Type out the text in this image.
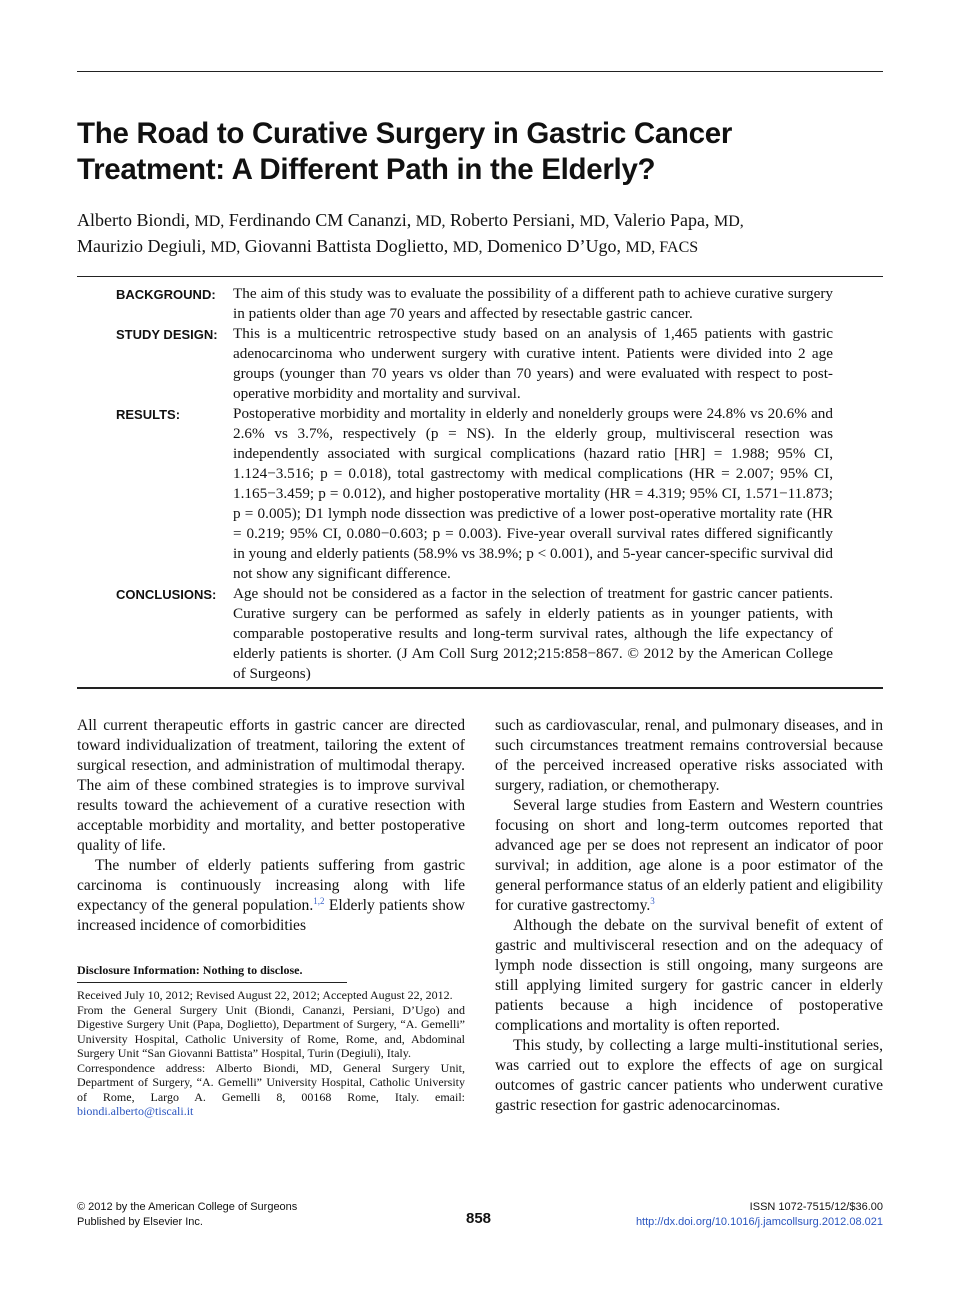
The Road to Curative Surgery in Gastric Cancer
Treatment: A Different Path in the Elderly?
Alberto Biondi, MD, Ferdinando CM Cananzi, MD, Roberto Persiani, MD, Valerio Papa, MD,
Maurizio Degiuli, MD, Giovanni Battista Doglietto, MD, Domenico D’Ugo, MD, FACS
BACKGROUND:	The aim of this study was to evaluate the possibility of a different path to achieve curative surgery in patients older than age 70 years and affected by resectable gastric cancer.
STUDY DESIGN:	This is a multicentric retrospective study based on an analysis of 1,465 patients with gastric adenocarcinoma who underwent surgery with curative intent. Patients were divided into 2 age groups (younger than 70 years vs older than 70 years) and were evaluated with respect to post-operative morbidity and mortality and survival.
RESULTS:	Postoperative morbidity and mortality in elderly and nonelderly groups were 24.8% vs 20.6% and 2.6% vs 3.7%, respectively (p = NS). In the elderly group, multivisceral resection was independently associated with surgical complications (hazard ratio [HR] = 1.988; 95% CI, 1.124−3.516; p = 0.018), total gastrectomy with medical complications (HR = 2.007; 95% CI, 1.165−3.459; p = 0.012), and higher postoperative mortality (HR = 4.319; 95% CI, 1.571−11.873; p = 0.005); D1 lymph node dissection was predictive of a lower post-operative mortality rate (HR = 0.219; 95% CI, 0.080−0.603; p = 0.003). Five-year overall survival rates differed significantly in young and elderly patients (58.9% vs 38.9%; p < 0.001), and 5-year cancer-specific survival did not show any significant difference.
CONCLUSIONS:	Age should not be considered as a factor in the selection of treatment for gastric cancer patients. Curative surgery can be performed as safely in elderly patients as in younger patients, with comparable postoperative results and long-term survival rates, although the life expectancy of elderly patients is shorter. (J Am Coll Surg 2012;215:858−867. © 2012 by the American College of Surgeons)

All current therapeutic efforts in gastric cancer are directed toward individualization of treatment, tailoring the extent of surgical resection, and administration of multimodal therapy. The aim of these combined strategies is to improve survival results toward the achievement of a curative resection with acceptable morbidity and mortality, and better postoperative quality of life.

The number of elderly patients suffering from gastric carcinoma is continuously increasing along with life expectancy of the general population.$^{1,2}$ Elderly patients show increased incidence of comorbidities

Disclosure Information: Nothing to disclose.

Received July 10, 2012; Revised August 22, 2012; Accepted August 22, 2012.

From the General Surgery Unit (Biondi, Cananzi, Persiani, D’Ugo) and Digestive Surgery Unit (Papa, Doglietto), Department of Surgery, “A. Gemelli” University Hospital, Catholic University of Rome, Rome, and, Abdominal Surgery Unit “San Giovanni Battista” Hospital, Turin (Degiuli), Italy.

Correspondence address: Alberto Biondi, MD, General Surgery Unit, Department of Surgery, “A. Gemelli” University Hospital, Catholic University of Rome, Largo A. Gemelli 8, 00168 Rome, Italy. email: biondi.alberto@tiscali.it

such as cardiovascular, renal, and pulmonary diseases, and in such circumstances treatment remains controversial because of the perceived increased operative risks associated with surgery, radiation, or chemotherapy.

Several large studies from Eastern and Western countries focusing on short and long-term outcomes reported that advanced age per se does not represent an indicator of poor survival; in addition, age alone is a poor estimator of the general performance status of an elderly patient and eligibility for curative gastrectomy.$^3$

Although the debate on the survival benefit of extent of gastric and multivisceral resection and on the adequacy of lymph node dissection is still ongoing, many surgeons are still applying limited surgery for gastric cancer in elderly patients because a high incidence of postoperative complications and mortality is often reported.

This study, by collecting a large multi-institutional series, was carried out to explore the effects of age on surgical outcomes of gastric cancer patients who underwent curative gastric resection for gastric adenocarcinomas.

© 2012 by the American College of Surgeons
Published by Elsevier Inc.	858
ISSN 1072-7515/12/$36.00
http://dx.doi.org/10.1016/j.jamcollsurg.2012.08.021
